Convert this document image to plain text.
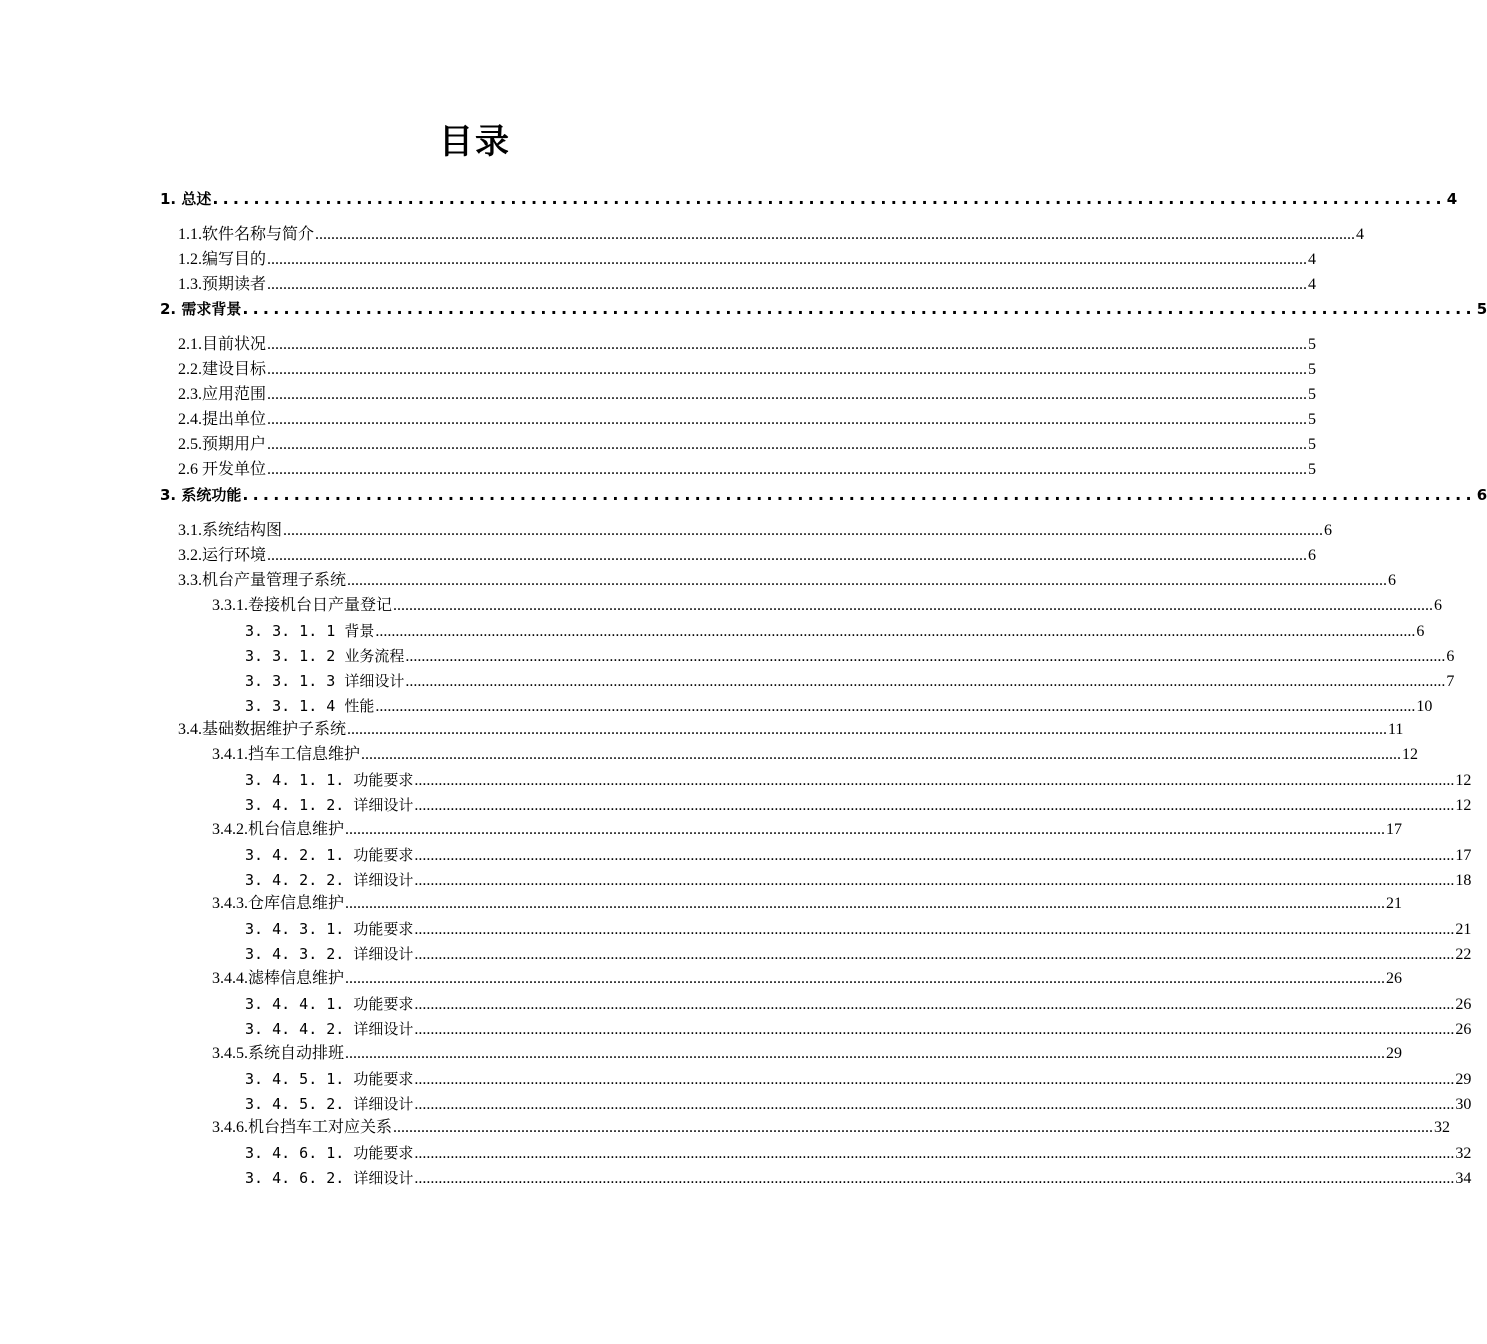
目录
1. 总述 ........................................................................................................................ 4
1.1.软件名称与简介 .................................................................................................................................................................................................................................................................... 4
1.2.编写目的 .................................................................................................................................................................................................................................................................... 4
1.3.预期读者 .................................................................................................................................................................................................................................................................... 4
2. 需求背景 ........................................................................................................................ 5
2.1.目前状况 .................................................................................................................................................................................................................................................................... 5
2.2.建设目标 .................................................................................................................................................................................................................................................................... 5
2.3.应用范围 .................................................................................................................................................................................................................................................................... 5
2.4.提出单位 .................................................................................................................................................................................................................................................................... 5
2.5.预期用户 .................................................................................................................................................................................................................................................................... 5
2.6 开发单位 .................................................................................................................................................................................................................................................................... 5
3. 系统功能 ........................................................................................................................ 6
3.1.系统结构图 .................................................................................................................................................................................................................................................................... 6
3.2.运行环境 .................................................................................................................................................................................................................................................................... 6
3.3.机台产量管理子系统 .................................................................................................................................................................................................................................................................... 6
3.3.1.卷接机台日产量登记 .................................................................................................................................................................................................................................................................... 6
3. 3. 1. 1 背景 .................................................................................................................................................................................................................................................................... 6
3. 3. 1. 2 业务流程 .................................................................................................................................................................................................................................................................... 6
3. 3. 1. 3 详细设计 .................................................................................................................................................................................................................................................................... 7
3. 3. 1. 4 性能 .................................................................................................................................................................................................................................................................... 10
3.4.基础数据维护子系统 .................................................................................................................................................................................................................................................................... 11
3.4.1.挡车工信息维护 .................................................................................................................................................................................................................................................................... 12
3. 4. 1. 1. 功能要求 .................................................................................................................................................................................................................................................................... 12
3. 4. 1. 2. 详细设计 .................................................................................................................................................................................................................................................................... 12
3.4.2.机台信息维护 .................................................................................................................................................................................................................................................................... 17
3. 4. 2. 1. 功能要求 .................................................................................................................................................................................................................................................................... 17
3. 4. 2. 2. 详细设计 .................................................................................................................................................................................................................................................................... 18
3.4.3.仓库信息维护 .................................................................................................................................................................................................................................................................... 21
3. 4. 3. 1. 功能要求 .................................................................................................................................................................................................................................................................... 21
3. 4. 3. 2. 详细设计 .................................................................................................................................................................................................................................................................... 22
3.4.4.滤棒信息维护 .................................................................................................................................................................................................................................................................... 26
3. 4. 4. 1. 功能要求 .................................................................................................................................................................................................................................................................... 26
3. 4. 4. 2. 详细设计 .................................................................................................................................................................................................................................................................... 26
3.4.5.系统自动排班 .................................................................................................................................................................................................................................................................... 29
3. 4. 5. 1. 功能要求 .................................................................................................................................................................................................................................................................... 29
3. 4. 5. 2. 详细设计 .................................................................................................................................................................................................................................................................... 30
3.4.6.机台挡车工对应关系 .................................................................................................................................................................................................................................................................... 32
3. 4. 6. 1. 功能要求 .................................................................................................................................................................................................................................................................... 32
3. 4. 6. 2. 详细设计 .................................................................................................................................................................................................................................................................... 34
